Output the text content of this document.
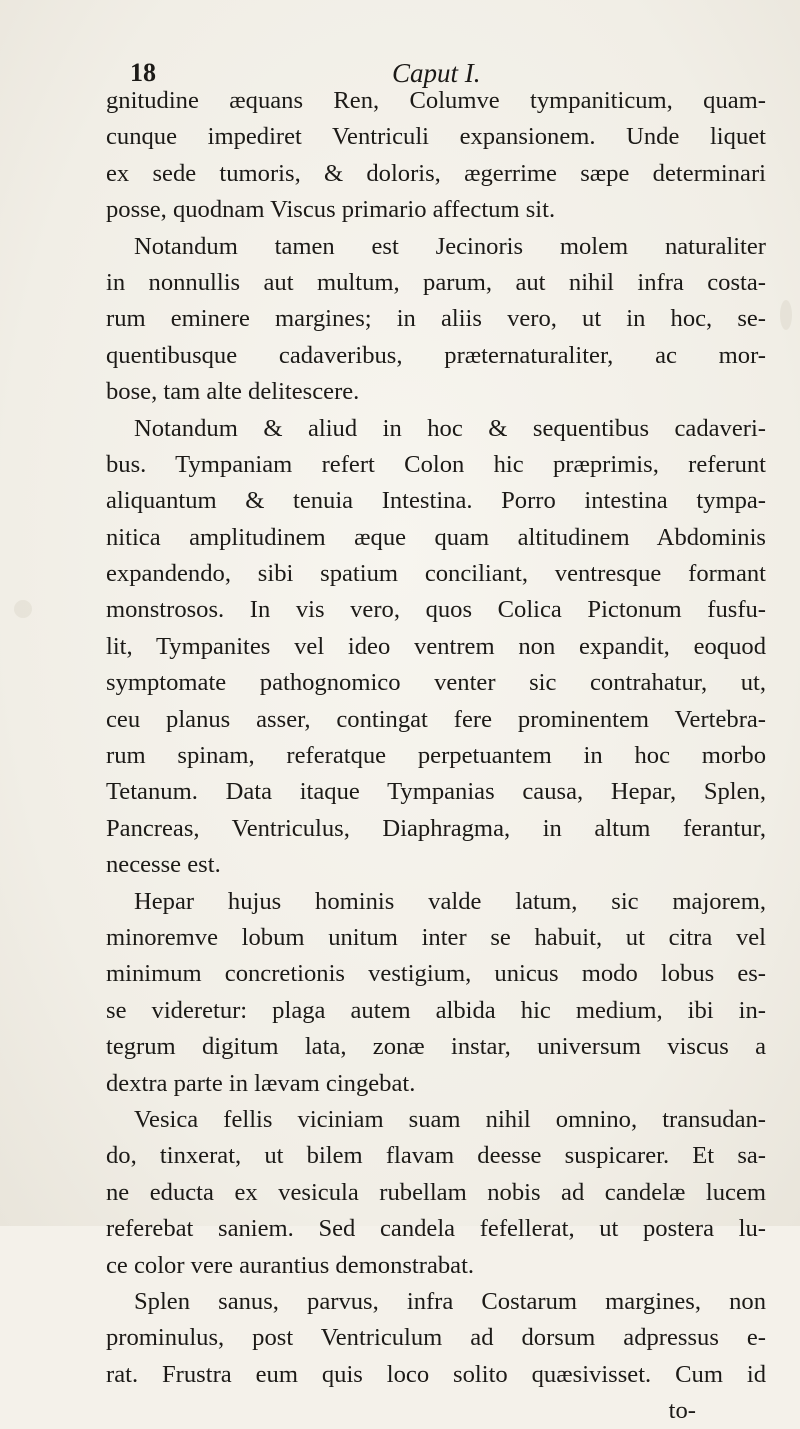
18	Caput I.
gnitudine æquans Ren, Columve tympaniticum, quam-
cunque impediret Ventriculi expansionem. Unde liquet
ex sede tumoris, & doloris, ægerrime sæpe determinari
posse, quodnam Viscus primario affectum sit.
Notandum tamen est Jecinoris molem naturaliter
in nonnullis aut multum, parum, aut nihil infra costa-
rum eminere margines; in aliis vero, ut in hoc, se-
quentibusque cadaveribus, præternaturaliter, ac mor-
bose, tam alte delitescere.
Notandum & aliud in hoc & sequentibus cadaveri-
bus. Tympaniam refert Colon hic præprimis, referunt
aliquantum & tenuia Intestina. Porro intestina tympa-
nitica amplitudinem æque quam altitudinem Abdominis
expandendo, sibi spatium conciliant, ventresque formant
monstrosos. In vis vero, quos Colica Pictonum fusfu-
lit, Tympanites vel ideo ventrem non expandit, eoquod
symptomate pathognomico venter sic contrahatur, ut,
ceu planus asser, contingat fere prominentem Vertebra-
rum spinam, referatque perpetuantem in hoc morbo
Tetanum. Data itaque Tympanias causa, Hepar, Splen,
Pancreas, Ventriculus, Diaphragma, in altum ferantur,
necesse est.
Hepar hujus hominis valde latum, sic majorem,
minoremve lobum unitum inter se habuit, ut citra vel
minimum concretionis vestigium, unicus modo lobus es-
se videretur: plaga autem albida hic medium, ibi in-
tegrum digitum lata, zonæ instar, universum viscus a
dextra parte in lævam cingebat.
Vesica fellis viciniam suam nihil omnino, transudan-
do, tinxerat, ut bilem flavam deesse suspicarer. Et sa-
ne educta ex vesicula rubellam nobis ad candelæ lucem
referebat saniem. Sed candela fefellerat, ut postera lu-
ce color vere aurantius demonstrabat.
Splen sanus, parvus, infra Costarum margines, non
prominulus, post Ventriculum ad dorsum adpressus e-
rat. Frustra eum quis loco solito quæsivisset. Cum id
to-
